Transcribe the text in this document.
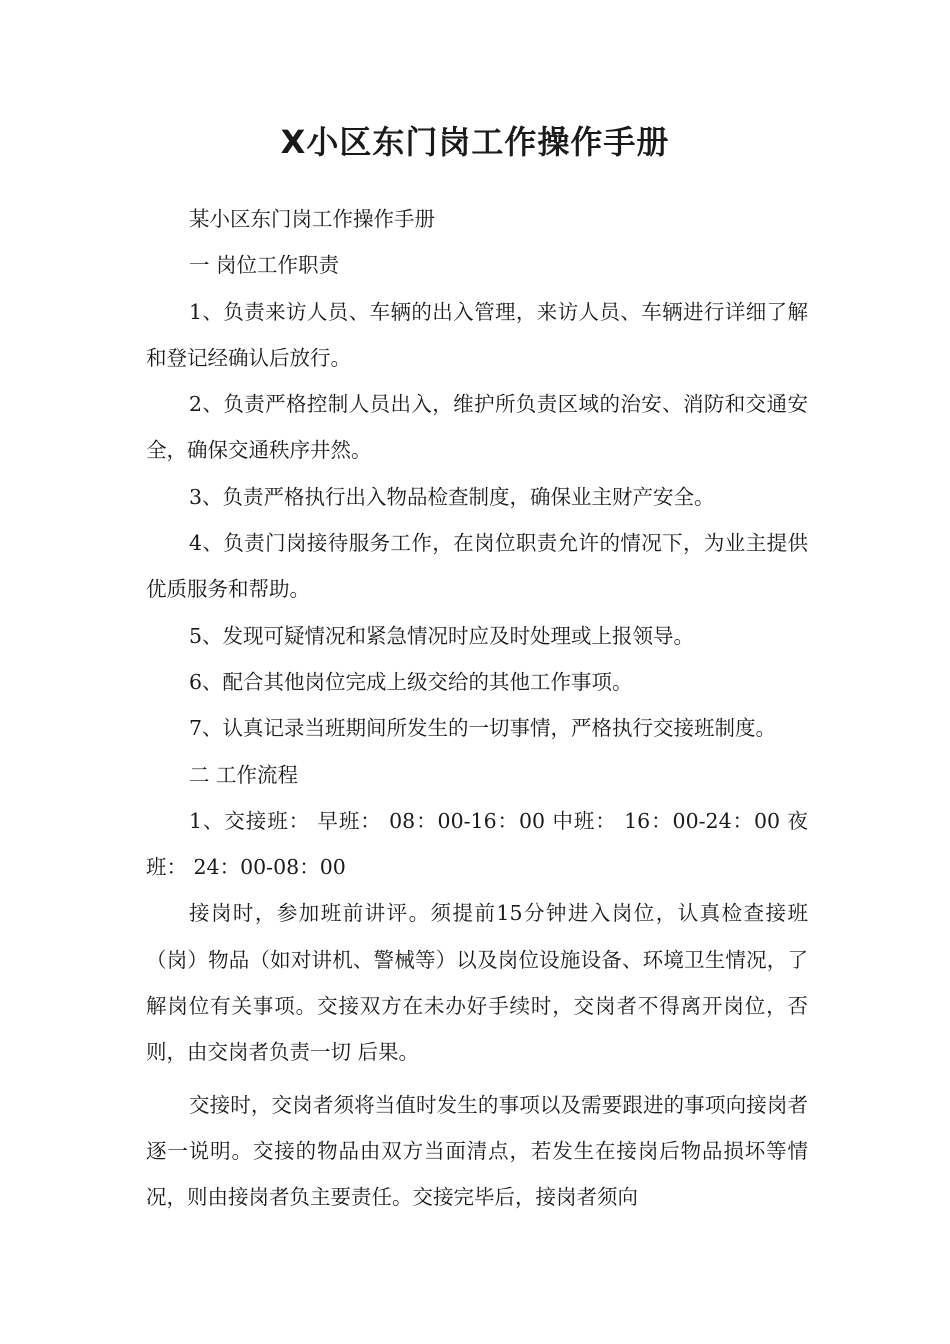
X小区东门岗工作操作手册

某小区东门岗工作操作手册

一 岗位工作职责

1、负责来访人员、车辆的出入管理，来访人员、车辆进行详细了解和登记经确认后放行。

2、负责严格控制人员出入，维护所负责区域的治安、消防和交通安全，确保交通秩序井然。

3、负责严格执行出入物品检查制度，确保业主财产安全。

4、负责门岗接待服务工作，在岗位职责允许的情况下，为业主提供优质服务和帮助。

5、发现可疑情况和紧急情况时应及时处理或上报领导。

6、配合其他岗位完成上级交给的其他工作事项。

7、认真记录当班期间所发生的一切事情，严格执行交接班制度。

二 工作流程

1、交接班： 早班： 08：00-16：00 中班： 16：00-24：00 夜班： 24：00-08：00

接岗时，参加班前讲评。须提前15分钟进入岗位，认真检查接班（岗）物品（如对讲机、警械等）以及岗位设施设备、环境卫生情况，了解岗位有关事项。交接双方在未办好手续时，交岗者不得离开岗位，否则，由交岗者负责一切 后果。

交接时，交岗者须将当值时发生的事项以及需要跟进的事项向接岗者逐一说明。交接的物品由双方当面清点，若发生在接岗后物品损坏等情况，则由接岗者负主要责任。交接完毕后，接岗者须向
